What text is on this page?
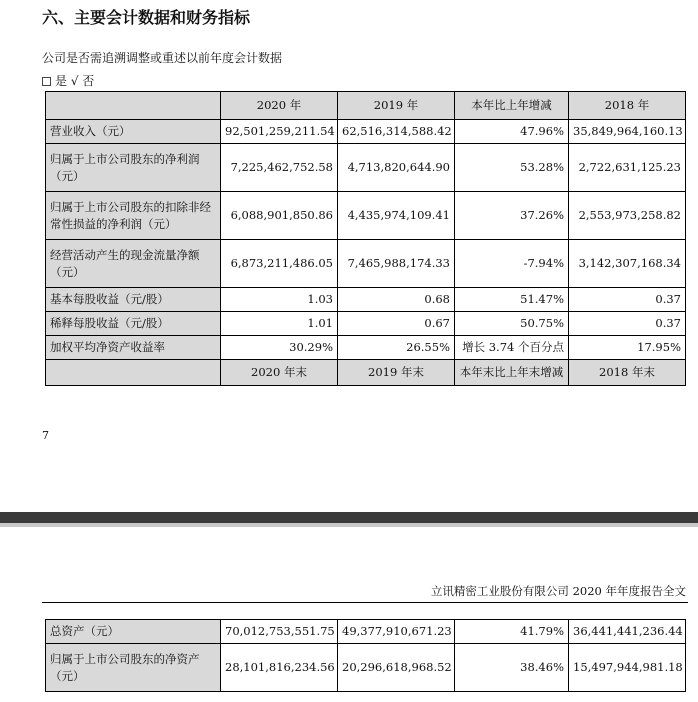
六、主要会计数据和财务指标
公司是否需追溯调整或重述以前年度会计数据
是 √ 否
	2020 年	2019 年	本年比上年增减	2018 年
营业收入（元）	92,501,259,211.54	62,516,314,588.42	47.96%	35,849,964,160.13
归属于上市公司股东的净利润（元）	7,225,462,752.58	4,713,820,644.90	53.28%	2,722,631,125.23
归属于上市公司股东的扣除非经常性损益的净利润（元）	6,088,901,850.86	4,435,974,109.41	37.26%	2,553,973,258.82
经营活动产生的现金流量净额（元）	6,873,211,486.05	7,465,988,174.33	-7.94%	3,142,307,168.34
基本每股收益（元/股）	1.03	0.68	51.47%	0.37
稀释每股收益（元/股）	1.01	0.67	50.75%	0.37
加权平均净资产收益率	30.29%	26.55%	增长 3.74 个百分点	17.95%
	2020 年末	2019 年末	本年末比上年末增减	2018 年末
7
立讯精密工业股份有限公司 2020 年年度报告全文
总资产（元）	70,012,753,551.75	49,377,910,671.23	41.79%	36,441,441,236.44
归属于上市公司股东的净资产（元）	28,101,816,234.56	20,296,618,968.52	38.46%	15,497,944,981.18
